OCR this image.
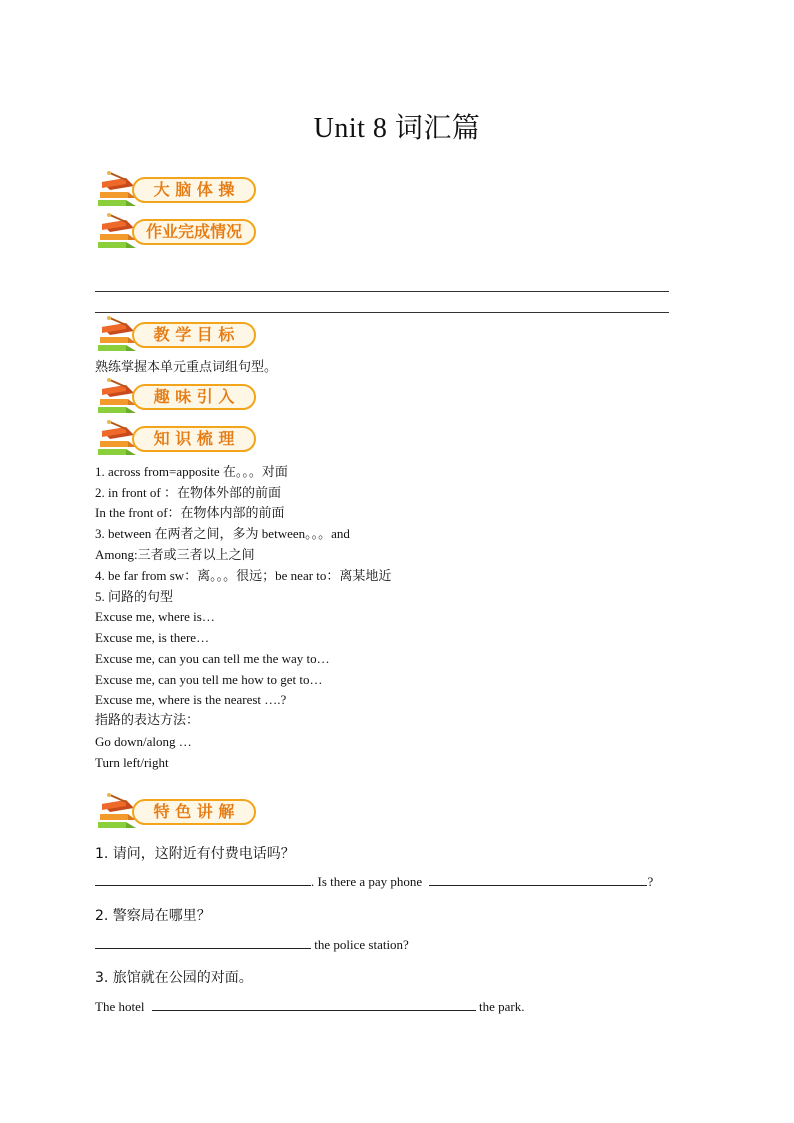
Unit 8 词汇篇
大 脑 体 操
作业完成情况
教 学 目 标
熟练掌握本单元重点词组句型。
趣 味 引 入
知 识 梳 理
1. across from=apposite 在。。。对面
2. in front of ：在物体外部的前面
In the front of：在物体内部的前面
3. between 在两者之间，多为 between。。。and
Among:三者或三者以上之间
4. be far from sw：离。。。很远；be near to：离某地近
5. 问路的句型
Excuse me, where is…
Excuse me, is there…
Excuse me, can you can tell me the way to…
Excuse me, can you tell me how to get to…
Excuse me, where is the nearest ….?
指路的表达方法：
Go down/along …
Turn left/right
特 色 讲 解
1. 请问，这附近有付费电话吗？
. Is there a pay phone	?
2. 警察局在哪里？
the police station?
3. 旅馆就在公园的对面。
The hotel	the park.
